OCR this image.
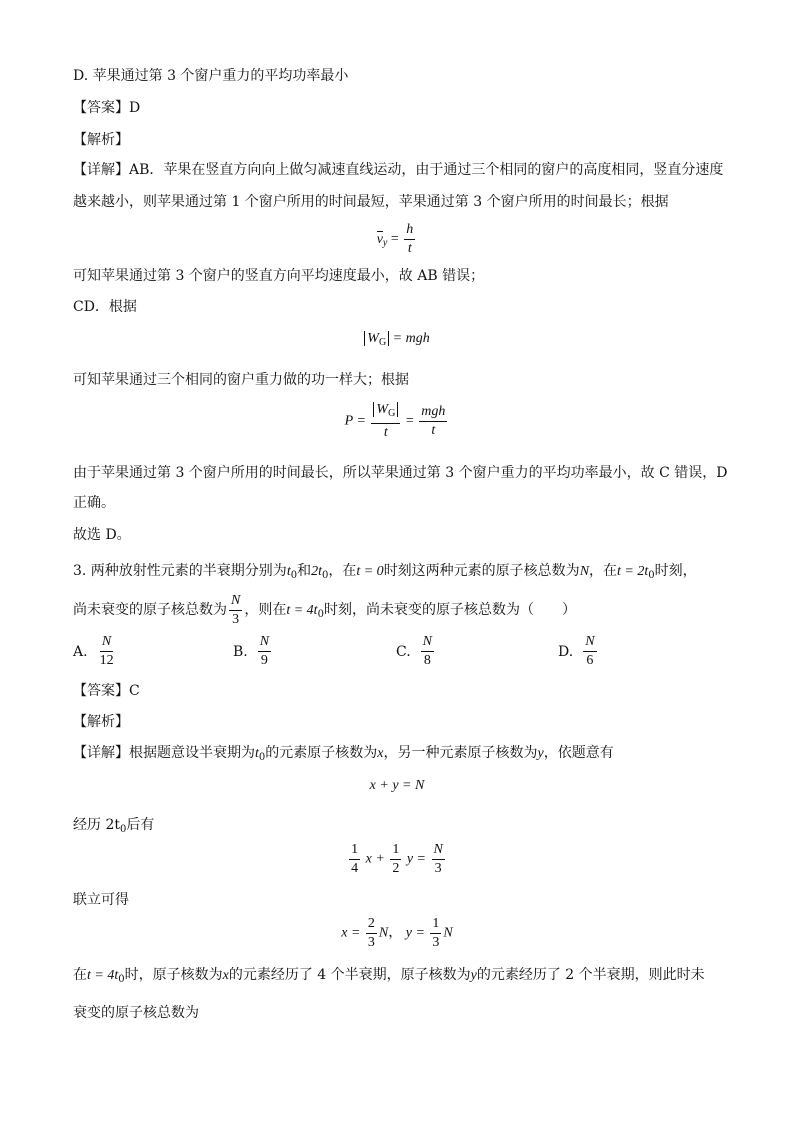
D. 苹果通过第 3 个窗户重力的平均功率最小
【答案】D
【解析】
【详解】AB．苹果在竖直方向向上做匀减速直线运动，由于通过三个相同的窗户的高度相同，竖直分速度
越来越小，则苹果通过第 1 个窗户所用的时间最短，苹果通过第 3 个窗户所用的时间最长；根据
$v_y = \frac{h}{t}$
可知苹果通过第 3 个窗户的竖直方向平均速度最小，故 AB 错误；
CD．根据
$W_G$ = mgh
可知苹果通过三个相同的窗户重力做的功一样大；根据
$P = \frac{W_G}{t} = \frac{\text{mgh}}{t}$
由于苹果通过第 3 个窗户所用的时间最长，所以苹果通过第 3 个窗户重力的平均功率最小，故 C 错误，D
正确。
故选 D。
3. 两种放射性元素的半衰期分别为$t_0$和$2t_0$，在t = 0时刻这两种元素的原子核总数为N，在$t = 2t_0$时刻，
尚未衰变的原子核总数为 $\frac{N}{3}$ ，则在$t = 4t_0$时刻，尚未衰变的原子核总数为（　　）
A. $\frac{N}{12}$	B. $\frac{N}{9}$	C. $\frac{N}{8}$	D. $\frac{N}{6}$
【答案】C
【解析】
【详解】根据题意设半衰期为$t_0$的元素原子核数为x，另一种元素原子核数为y，依题意有
x + y = N
经历 $2t_0$后有
$\frac{1}{4}$ $x + \frac{1}{2}$ $y = \frac{N}{3}$
联立可得
$x = \frac{2}{3}$ N， $y = \frac{1}{3}$ N
在$t = 4t_0$时，原子核数为x的元素经历了 4 个半衰期，原子核数为y的元素经历了 2 个半衰期，则此时未
衰变的原子核总数为
